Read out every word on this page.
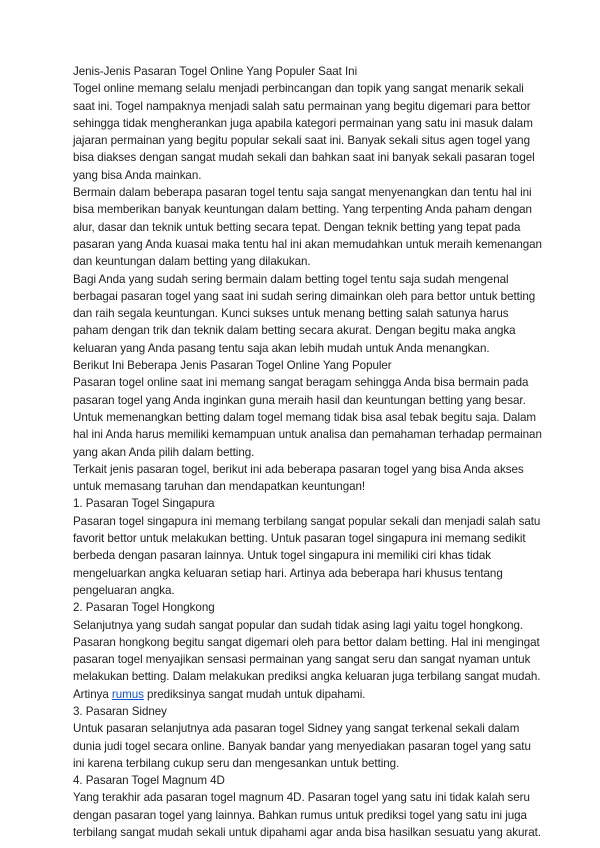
Jenis-Jenis Pasaran Togel Online Yang Populer Saat Ini

Togel online memang selalu menjadi perbincangan dan topik yang sangat menarik sekali saat ini. Togel nampaknya menjadi salah satu permainan yang begitu digemari para bettor sehingga tidak mengherankan juga apabila kategori permainan yang satu ini masuk dalam jajaran permainan yang begitu popular sekali saat ini. Banyak sekali situs agen togel yang bisa diakses dengan sangat mudah sekali dan bahkan saat ini banyak sekali pasaran togel yang bisa Anda mainkan.

Bermain dalam beberapa pasaran togel tentu saja sangat menyenangkan dan tentu hal ini bisa memberikan banyak keuntungan dalam betting. Yang terpenting Anda paham dengan alur, dasar dan teknik untuk betting secara tepat. Dengan teknik betting yang tepat pada pasaran yang Anda kuasai maka tentu hal ini akan memudahkan untuk meraih kemenangan dan keuntungan dalam betting yang dilakukan.

Bagi Anda yang sudah sering bermain dalam betting togel tentu saja sudah mengenal berbagai pasaran togel yang saat ini sudah sering dimainkan oleh para bettor untuk betting dan raih segala keuntungan. Kunci sukses untuk menang betting salah satunya harus paham dengan trik dan teknik dalam betting secara akurat. Dengan begitu maka angka keluaran yang Anda pasang tentu saja akan lebih mudah untuk Anda menangkan.

Berikut Ini Beberapa Jenis Pasaran Togel Online Yang Populer

Pasaran togel online saat ini memang sangat beragam sehingga Anda bisa bermain pada pasaran togel yang Anda inginkan guna meraih hasil dan keuntungan betting yang besar. Untuk memenangkan betting dalam togel memang tidak bisa asal tebak begitu saja. Dalam hal ini Anda harus memiliki kemampuan untuk analisa dan pemahaman terhadap permainan yang akan Anda pilih dalam betting.

Terkait jenis pasaran togel, berikut ini ada beberapa pasaran togel yang bisa Anda akses untuk memasang taruhan dan mendapatkan keuntungan!

1. Pasaran Togel Singapura

Pasaran togel singapura ini memang terbilang sangat popular sekali dan menjadi salah satu favorit bettor untuk melakukan betting. Untuk pasaran togel singapura ini memang sedikit berbeda dengan pasaran lainnya. Untuk togel singapura ini memiliki ciri khas tidak mengeluarkan angka keluaran setiap hari. Artinya ada beberapa hari khusus tentang pengeluaran angka.

2. Pasaran Togel Hongkong

Selanjutnya yang sudah sangat popular dan sudah tidak asing lagi yaitu togel hongkong. Pasaran hongkong begitu sangat digemari oleh para bettor dalam betting. Hal ini mengingat pasaran togel menyajikan sensasi permainan yang sangat seru dan sangat nyaman untuk melakukan betting. Dalam melakukan prediksi angka keluaran juga terbilang sangat mudah. Artinya rumus prediksinya sangat mudah untuk dipahami.

3. Pasaran Sidney

Untuk pasaran selanjutnya ada pasaran togel Sidney yang sangat terkenal sekali dalam dunia judi togel secara online. Banyak bandar yang menyediakan pasaran togel yang satu ini karena terbilang cukup seru dan mengesankan untuk betting.

4. Pasaran Togel Magnum 4D

Yang terakhir ada pasaran togel magnum 4D. Pasaran togel yang satu ini tidak kalah seru dengan pasaran togel yang lainnya. Bahkan rumus untuk prediksi togel yang satu ini juga terbilang sangat mudah sekali untuk dipahami agar anda bisa hasilkan sesuatu yang akurat.
